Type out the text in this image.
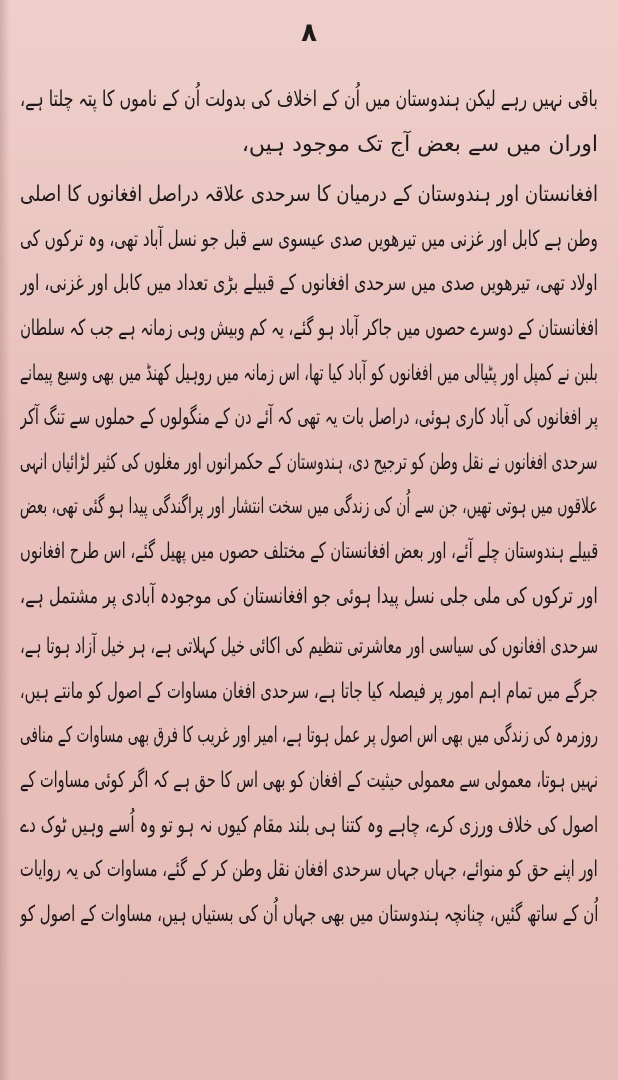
۸
باقی نہیں رہے لیکن ہندوستان میں اُن کے اخلاف کی بدولت اُن کے ناموں کا پتہ چلتا ہے،
اوران میں سے بعض آج تک موجود ہیں،
افغانستان اور ہندوستان کے درمیان کا سرحدی علاقہ دراصل افغانوں کا اصلی
وطن ہے کابل اور غزنی میں تیرھویں صدی عیسوی سے قبل جو نسل آباد تھی، وہ ترکوں کی
اولاد تھی، تیرھویں صدی میں سرحدی افغانوں کے قبیلے بڑی تعداد میں کابل اور غزنی، اور
افغانستان کے دوسرے حصوں میں جاکر آباد ہو گئے، یہ کم وبیش وہی زمانہ ہے جب کہ سلطان
بلبن نے کمپل اور پٹیالی میں افغانوں کو آباد کیا تھا، اس زمانہ میں روہیل کھنڈ میں بھی وسیع پیمانے
پر افغانوں کی آباد کاری ہوئی، دراصل بات یہ تھی کہ آئے دن کے منگولوں کے حملوں سے تنگ آکر
سرحدی افغانوں نے نقل وطن کو ترجیح دی، ہندوستان کے حکمرانوں اور مغلوں کی کثیر لڑائیاں انہی
علاقوں میں ہوتی تھیں، جن سے اُن کی زندگی میں سخت انتشار اور پراگندگی پیدا ہو گئی تھی، بعض
قبیلے ہندوستان چلے آئے، اور بعض افغانستان کے مختلف حصوں میں پھیل گئے، اس طرح افغانوں
اور ترکوں کی ملی جلی نسل پیدا ہوئی جو افغانستان کی موجودہ آبادی پر مشتمل ہے،
سرحدی افغانوں کی سیاسی اور معاشرتی تنظیم کی اکائی خیل کہلاتی ہے، ہر خیل آزاد ہوتا ہے،
جرگے میں تمام اہم امور پر فیصلہ کیا جاتا ہے، سرحدی افغان مساوات کے اصول کو مانتے ہیں،
روزمرہ کی زندگی میں بھی اس اصول پر عمل ہوتا ہے، امیر اور غریب کا فرق بھی مساوات کے منافی
نہیں ہوتا، معمولی سے معمولی حیثیت کے افغان کو بھی اس کا حق ہے کہ اگر کوئی مساوات کے
اصول کی خلاف ورزی کرے، چاہے وہ کتنا ہی بلند مقام کیوں نہ ہو تو وہ اُسے وہیں ٹوک دے
اور اپنے حق کو منوائے، جہاں جہاں سرحدی افغان نقل وطن کر کے گئے، مساوات کی یہ روایات
اُن کے ساتھ گئیں، چنانچہ ہندوستان میں بھی جہاں اُن کی بستیاں ہیں، مساوات کے اصول کو
